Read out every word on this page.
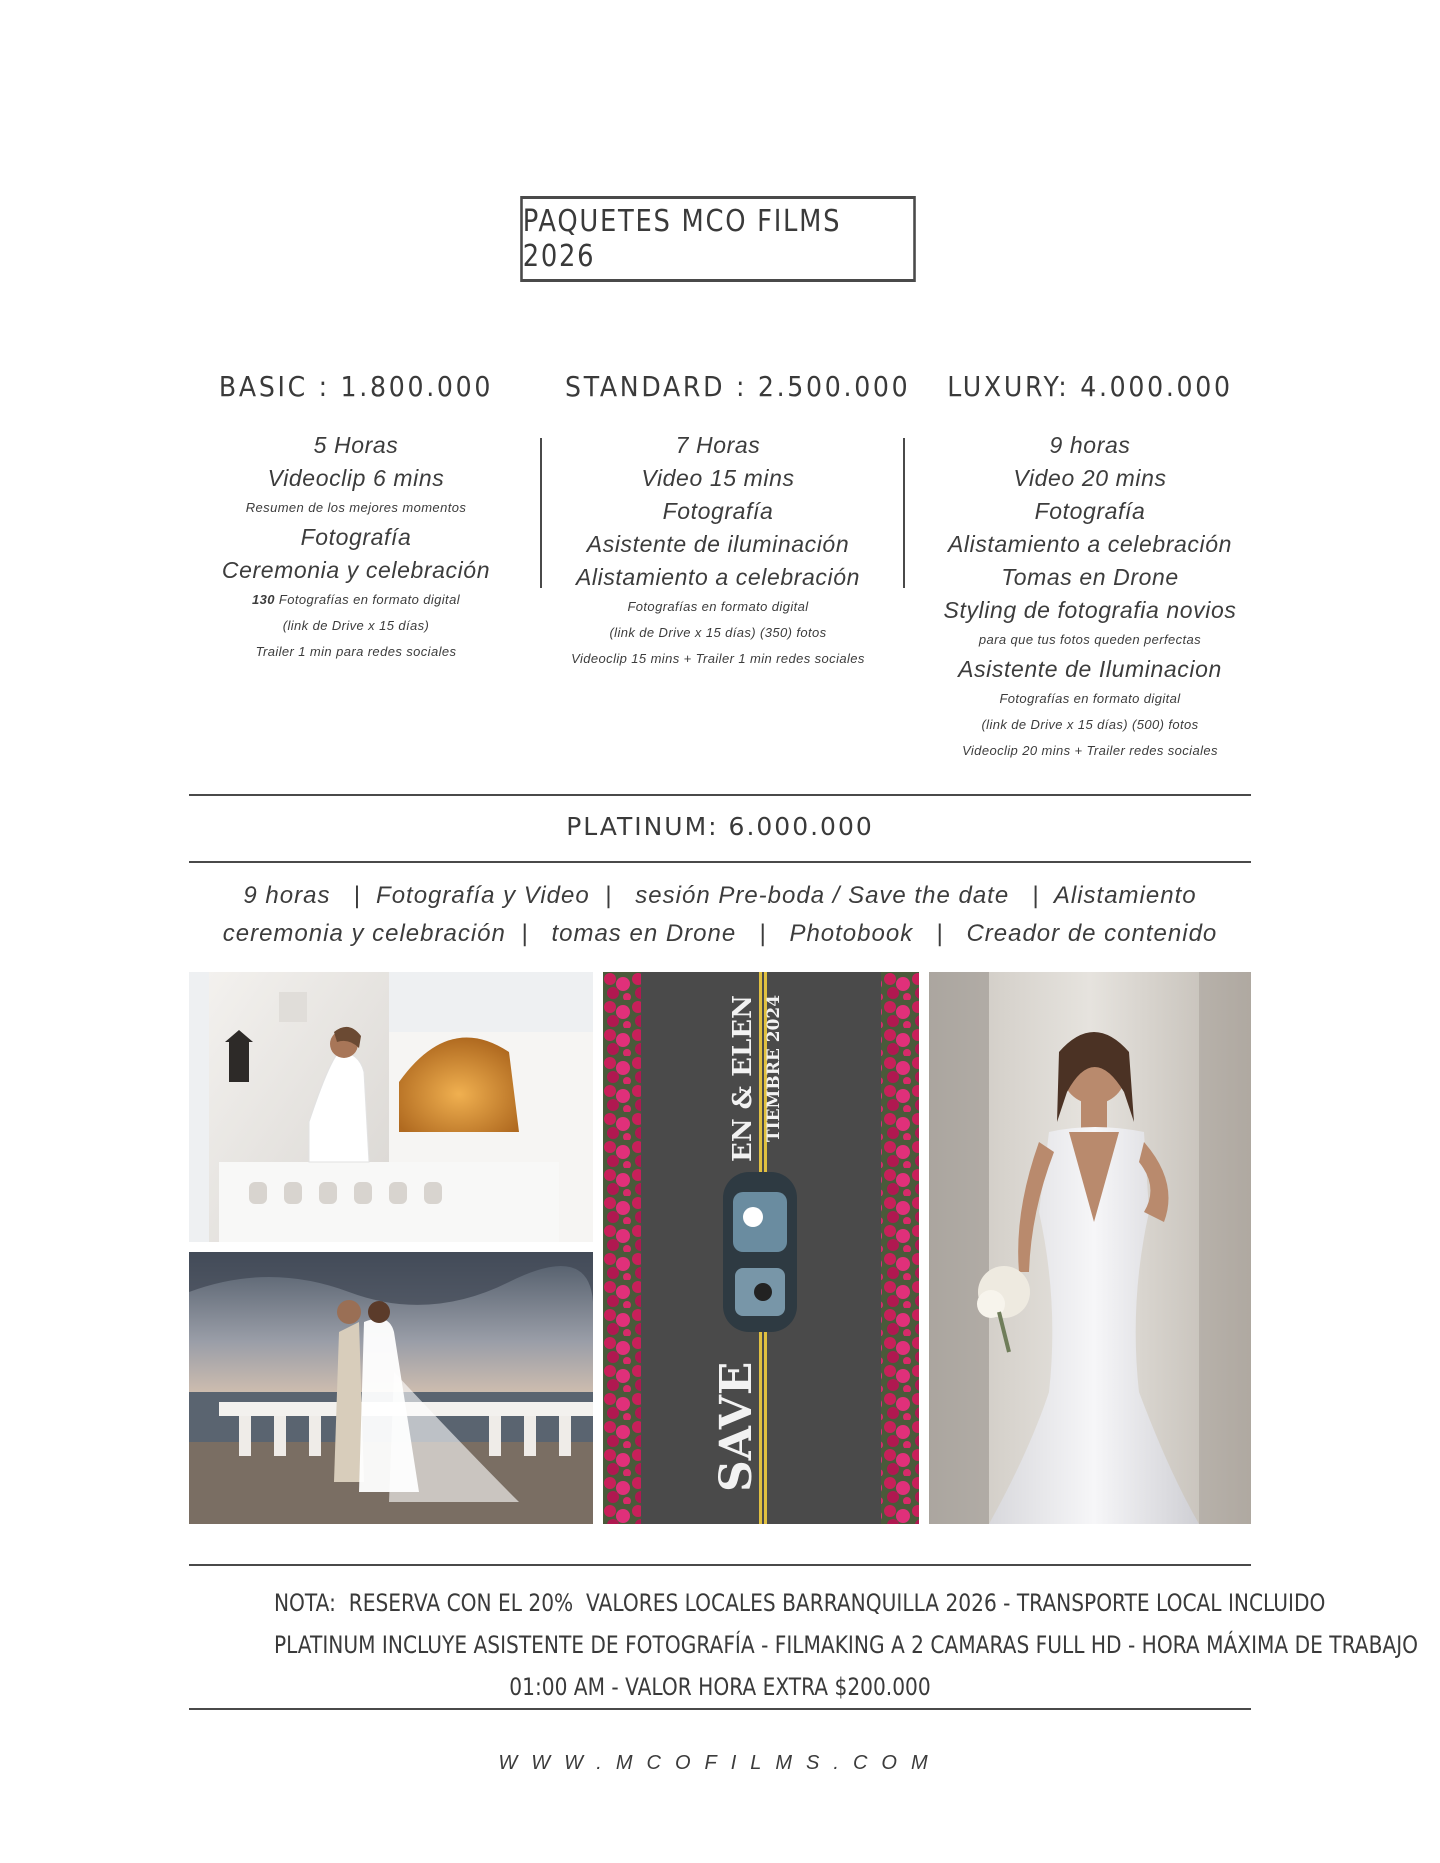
PAQUETES MCO FILMS 2026
BASIC : 1.800.000
5 Horas
Videoclip 6 mins
Resumen de los mejores momentos
Fotografía
Ceremonia y celebración
130 Fotografías en formato digital
(link de Drive x 15 días)
Trailer 1 min para redes sociales
STANDARD : 2.500.000
7 Horas
Video 15 mins
Fotografía
Asistente de iluminación
Alistamiento a celebración
Fotografías en formato digital
(link de Drive x 15 días) (350) fotos
Videoclip 15 mins + Trailer 1 min redes sociales
LUXURY: 4.000.000
9 horas
Video 20 mins
Fotografía
Alistamiento a celebración
Tomas en Drone
Styling de fotografia novios
para que tus fotos queden perfectas
Asistente de Iluminacion
Fotografías en formato digital
(link de Drive x 15 días) (500) fotos
Videoclip 20 mins + Trailer redes sociales
PLATINUM: 6.000.000
9 horas   |  Fotografía y Video  |   sesión Pre-boda / Save the date   |  Alistamiento
ceremonia y celebración  |   tomas en Drone   |   Photobook   |   Creador de contenido
SAVE
EN & ELEN TIEMBRE 2024
NOTA:  RESERVA CON EL 20%  VALORES LOCALES BARRANQUILLA 2026 - TRANSPORTE LOCAL INCLUIDO
PLATINUM INCLUYE ASISTENTE DE FOTOGRAFÍA - FILMAKING A 2 CAMARAS FULL HD - HORA MÁXIMA DE TRABAJO
01:00 AM - VALOR HORA EXTRA $200.000
WWW.MCOFILMS.COM
